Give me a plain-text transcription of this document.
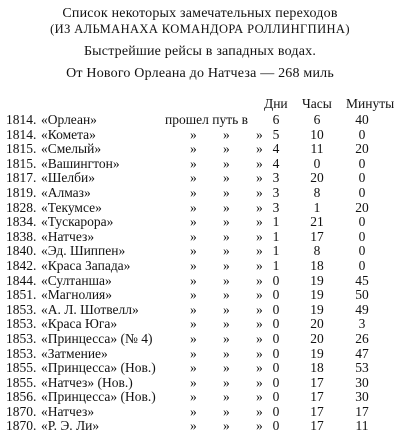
Список некоторых замечательных переходов
(ИЗ АЛЬМАНАХА КОМАНДОРА РОЛЛИНГПИНА)
Быстрейшие рейсы в западных водах.
От Нового Орлеана до Натчеза — 268 миль
Дни Часы Минуты
1814. «Орлеан»	прошел путь в 6	6	40
1814. «Комета»	» » » 5	10	0
1815. «Смелый»	» » » 4	11	20
1815. «Вашингтон»	» » » 4	0	0
1817. «Шелби»	» » » 3	20	0
1819. «Алмаз»	» » » 3	8	0
1828. «Текумсе»	» » » 3	1	20
1834. «Тускарора»	» » » 1	21	0
1838. «Натчез»	» » » 1	17	0
1840. «Эд. Шиппен»	» » » 1	8	0
1842. «Краса Запада»	» » » 1	18	0
1844. «Султанша»	» » » 0	19	45
1851. «Магнолия»	» » » 0	19	50
1853. «А. Л. Шотвелл»	» » » 0	19	49
1853. «Краса Юга»	» » » 0	20	3
1853. «Принцесса» (№ 4)	» » » 0	20	26
1853. «Затмение»	» » » 0	19	47
1855. «Принцесса» (Нов.)	» » » 0	18	53
1855. «Натчез» (Нов.)	» » » 0	17	30
1856. «Принцесса» (Нов.)	» » » 0	17	30
1870. «Натчез»	» » » 0	17	17
1870. «Р. Э. Ли»	» » » 0	17	11
